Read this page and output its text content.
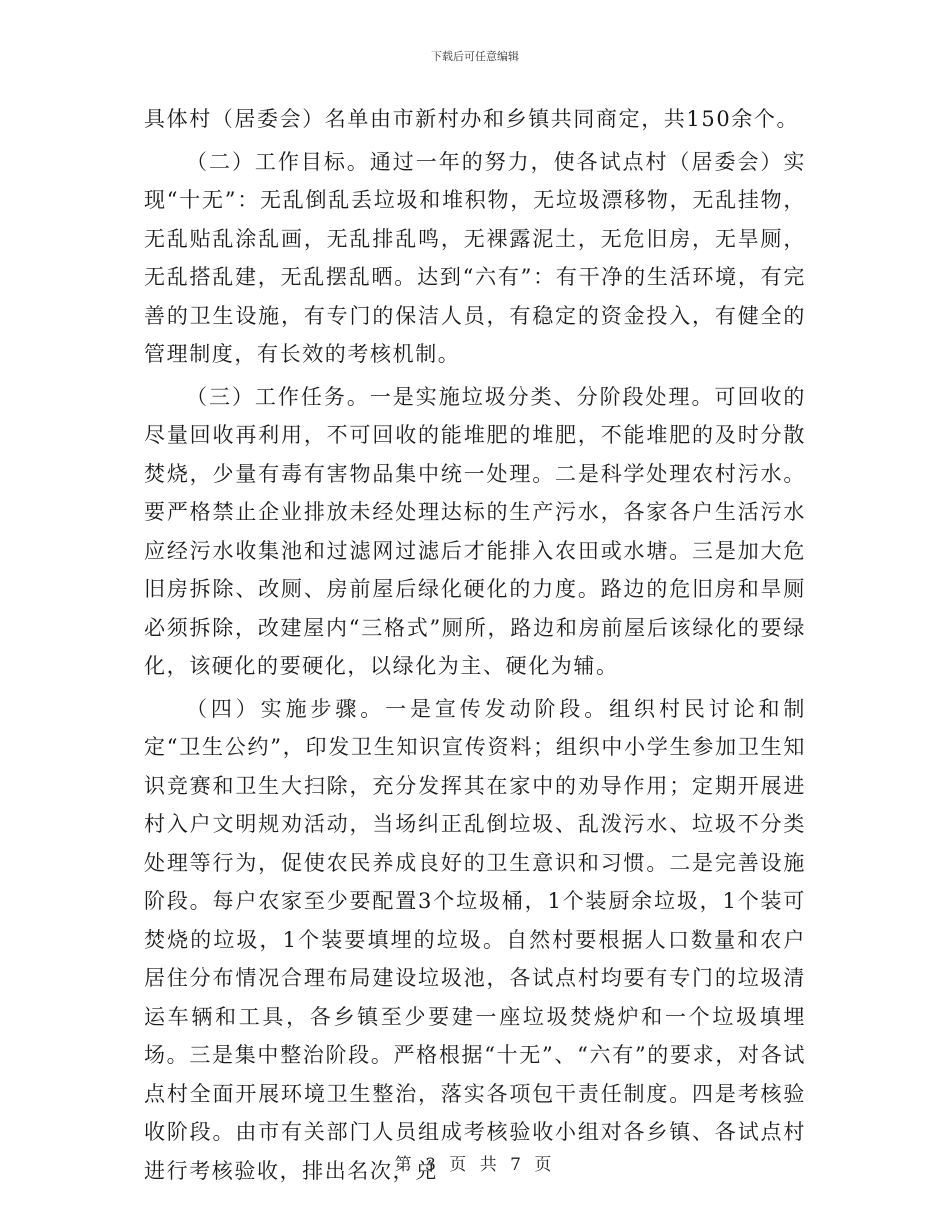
下载后可任意编辑

具体村（居委会）名单由市新村办和乡镇共同商定，共150余个。

（二）工作目标。通过一年的努力，使各试点村（居委会）实现“十无”：无乱倒乱丢垃圾和堆积物，无垃圾漂移物，无乱挂物，无乱贴乱涂乱画，无乱排乱鸣，无裸露泥土，无危旧房，无旱厕，无乱搭乱建，无乱摆乱晒。达到“六有”：有干净的生活环境，有完善的卫生设施，有专门的保洁人员，有稳定的资金投入，有健全的管理制度，有长效的考核机制。

（三）工作任务。一是实施垃圾分类、分阶段处理。可回收的尽量回收再利用，不可回收的能堆肥的堆肥，不能堆肥的及时分散焚烧，少量有毒有害物品集中统一处理。二是科学处理农村污水。要严格禁止企业排放未经处理达标的生产污水，各家各户生活污水应经污水收集池和过滤网过滤后才能排入农田或水塘。三是加大危旧房拆除、改厕、房前屋后绿化硬化的力度。路边的危旧房和旱厕必须拆除，改建屋内“三格式”厕所，路边和房前屋后该绿化的要绿化，该硬化的要硬化，以绿化为主、硬化为辅。

（四）实施步骤。一是宣传发动阶段。组织村民讨论和制定“卫生公约”，印发卫生知识宣传资料；组织中小学生参加卫生知识竞赛和卫生大扫除，充分发挥其在家中的劝导作用；定期开展进村入户文明规劝活动，当场纠正乱倒垃圾、乱泼污水、垃圾不分类处理等行为，促使农民养成良好的卫生意识和习惯。二是完善设施阶段。每户农家至少要配置3个垃圾桶，1个装厨余垃圾，1个装可焚烧的垃圾，1个装要填埋的垃圾。自然村要根据人口数量和农户居住分布情况合理布局建设垃圾池，各试点村均要有专门的垃圾清运车辆和工具，各乡镇至少要建一座垃圾焚烧炉和一个垃圾填埋场。三是集中整治阶段。严格根据“十无”、“六有”的要求，对各试点村全面开展环境卫生整治，落实各项包干责任制度。四是考核验收阶段。由市有关部门人员组成考核验收小组对各乡镇、各试点村进行考核验收，排出名次，兑

第 3 页 共 7 页
